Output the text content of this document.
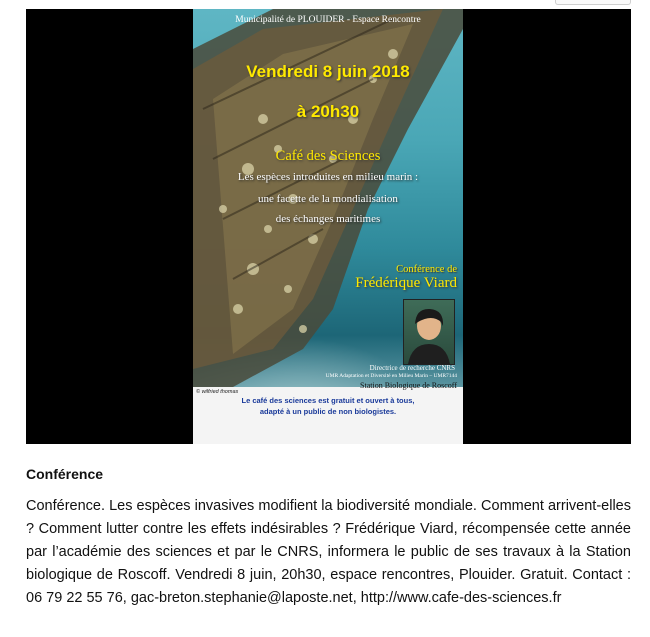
Municipalité de PLOUIDER - Espace Rencontre
Vendredi 8 juin 2018
à 20h30
Café des Sciences
Les espèces introduites en milieu marin :
une facette de la mondialisation
des échanges maritimes
Conférence de
Frédérique Viard
Directrice de recherche CNRS
UMR Adaptation et Diversité en Milieu Marin – UMR7144
Station Biologique de Roscoff
© wilfried thomas
Le café des sciences est gratuit et ouvert à tous,
adapté à un public de non biologistes.
Conférence
Conférence. Les espèces invasives modifient la biodiversité mondiale. Comment arrivent-elles ? Comment lutter contre les effets indésirables ? Frédérique Viard, récompensée cette année par l’académie des sciences et par le CNRS, informera le public de ses travaux à la Station biologique de Roscoff. Vendredi 8 juin, 20h30, espace rencontres, Plouider. Gratuit. Contact : 06 79 22 55 76, gac-breton.stephanie@laposte.net, http://www.cafe-des-sciences.fr
